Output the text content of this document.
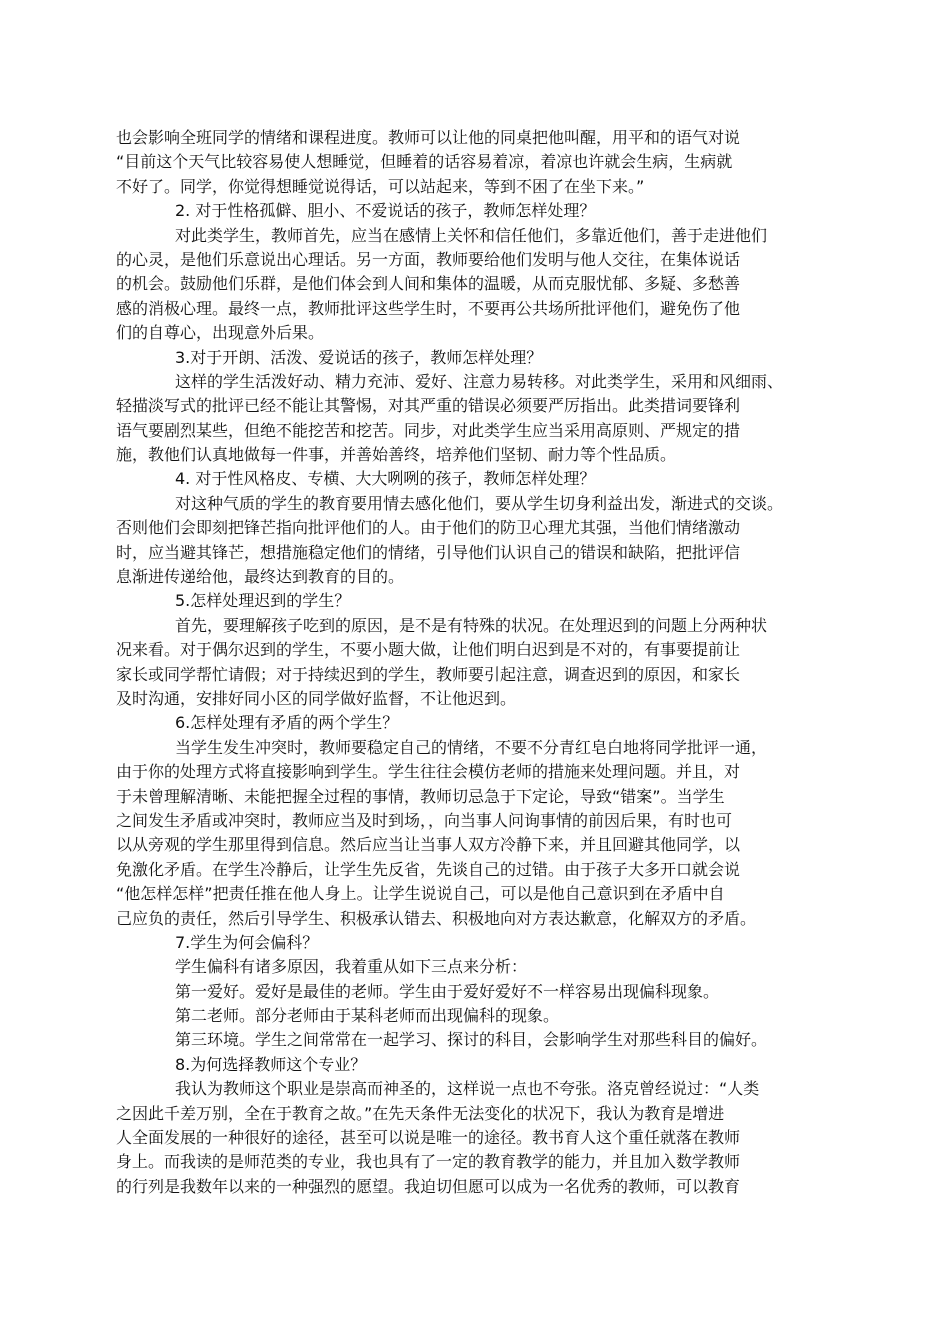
也会影响全班同学的情绪和课程进度。教师可以让他的同桌把他叫醒，用平和的语气对说
“目前这个天气比较容易使人想睡觉，但睡着的话容易着凉，着凉也许就会生病，生病就
不好了。同学，你觉得想睡觉说得话，可以站起来，等到不困了在坐下来。”
2. 对于性格孤僻、胆小、不爱说话的孩子，教师怎样处理？
对此类学生，教师首先，应当在感情上关怀和信任他们，多靠近他们，善于走进他们
的心灵，是他们乐意说出心理话。另一方面，教师要给他们发明与他人交往，在集体说话
的机会。鼓励他们乐群，是他们体会到人间和集体的温暖，从而克服忧郁、多疑、多愁善
感的消极心理。最终一点，教师批评这些学生时，不要再公共场所批评他们，避免伤了他
们的自尊心，出现意外后果。
3.对于开朗、活泼、爱说话的孩子，教师怎样处理？
这样的学生活泼好动、精力充沛、爱好、注意力易转移。对此类学生，采用和风细雨、
轻描淡写式的批评已经不能让其警惕，对其严重的错误必须要严厉指出。此类措词要锋利
语气要剧烈某些，但绝不能挖苦和挖苦。同步，对此类学生应当采用高原则、严规定的措
施，教他们认真地做每一件事，并善始善终，培养他们坚韧、耐力等个性品质。
4. 对于性风格皮、专横、大大咧咧的孩子，教师怎样处理？
对这种气质的学生的教育要用情去感化他们，要从学生切身利益出发，渐进式的交谈。
否则他们会即刻把锋芒指向批评他们的人。由于他们的防卫心理尤其强，当他们情绪激动
时，应当避其锋芒，想措施稳定他们的情绪，引导他们认识自己的错误和缺陷，把批评信
息渐进传递给他，最终达到教育的目的。
5.怎样处理迟到的学生？
首先，要理解孩子吃到的原因，是不是有特殊的状况。在处理迟到的问题上分两种状
况来看。对于偶尔迟到的学生，不要小题大做，让他们明白迟到是不对的，有事要提前让
家长或同学帮忙请假；对于持续迟到的学生，教师要引起注意，调查迟到的原因，和家长
及时沟通，安排好同小区的同学做好监督，不让他迟到。
6.怎样处理有矛盾的两个学生？
当学生发生冲突时，教师要稳定自己的情绪，不要不分青红皂白地将同学批评一通，
由于你的处理方式将直接影响到学生。学生往往会模仿老师的措施来处理问题。并且，对
于未曾理解清晰、未能把握全过程的事情，教师切忌急于下定论，导致“错案”。当学生
之间发生矛盾或冲突时，教师应当及时到场，，向当事人问询事情的前因后果，有时也可
以从旁观的学生那里得到信息。然后应当让当事人双方冷静下来，并且回避其他同学，以
免激化矛盾。在学生冷静后，让学生先反省，先谈自己的过错。由于孩子大多开口就会说
“他怎样怎样”把责任推在他人身上。让学生说说自己，可以是他自己意识到在矛盾中自
己应负的责任，然后引导学生、积极承认错去、积极地向对方表达歉意，化解双方的矛盾。
7.学生为何会偏科？
学生偏科有诸多原因，我着重从如下三点来分析：
第一爱好。爱好是最佳的老师。学生由于爱好爱好不一样容易出现偏科现象。
第二老师。部分老师由于某科老师而出现偏科的现象。
第三环境。学生之间常常在一起学习、探讨的科目，会影响学生对那些科目的偏好。
8.为何选择教师这个专业？
我认为教师这个职业是崇高而神圣的，这样说一点也不夸张。洛克曾经说过：“人类
之因此千差万别，全在于教育之故。”在先天条件无法变化的状况下，我认为教育是增进
人全面发展的一种很好的途径，甚至可以说是唯一的途径。教书育人这个重任就落在教师
身上。而我读的是师范类的专业，我也具有了一定的教育教学的能力，并且加入数学教师
的行列是我数年以来的一种强烈的愿望。我迫切但愿可以成为一名优秀的教师，可以教育
